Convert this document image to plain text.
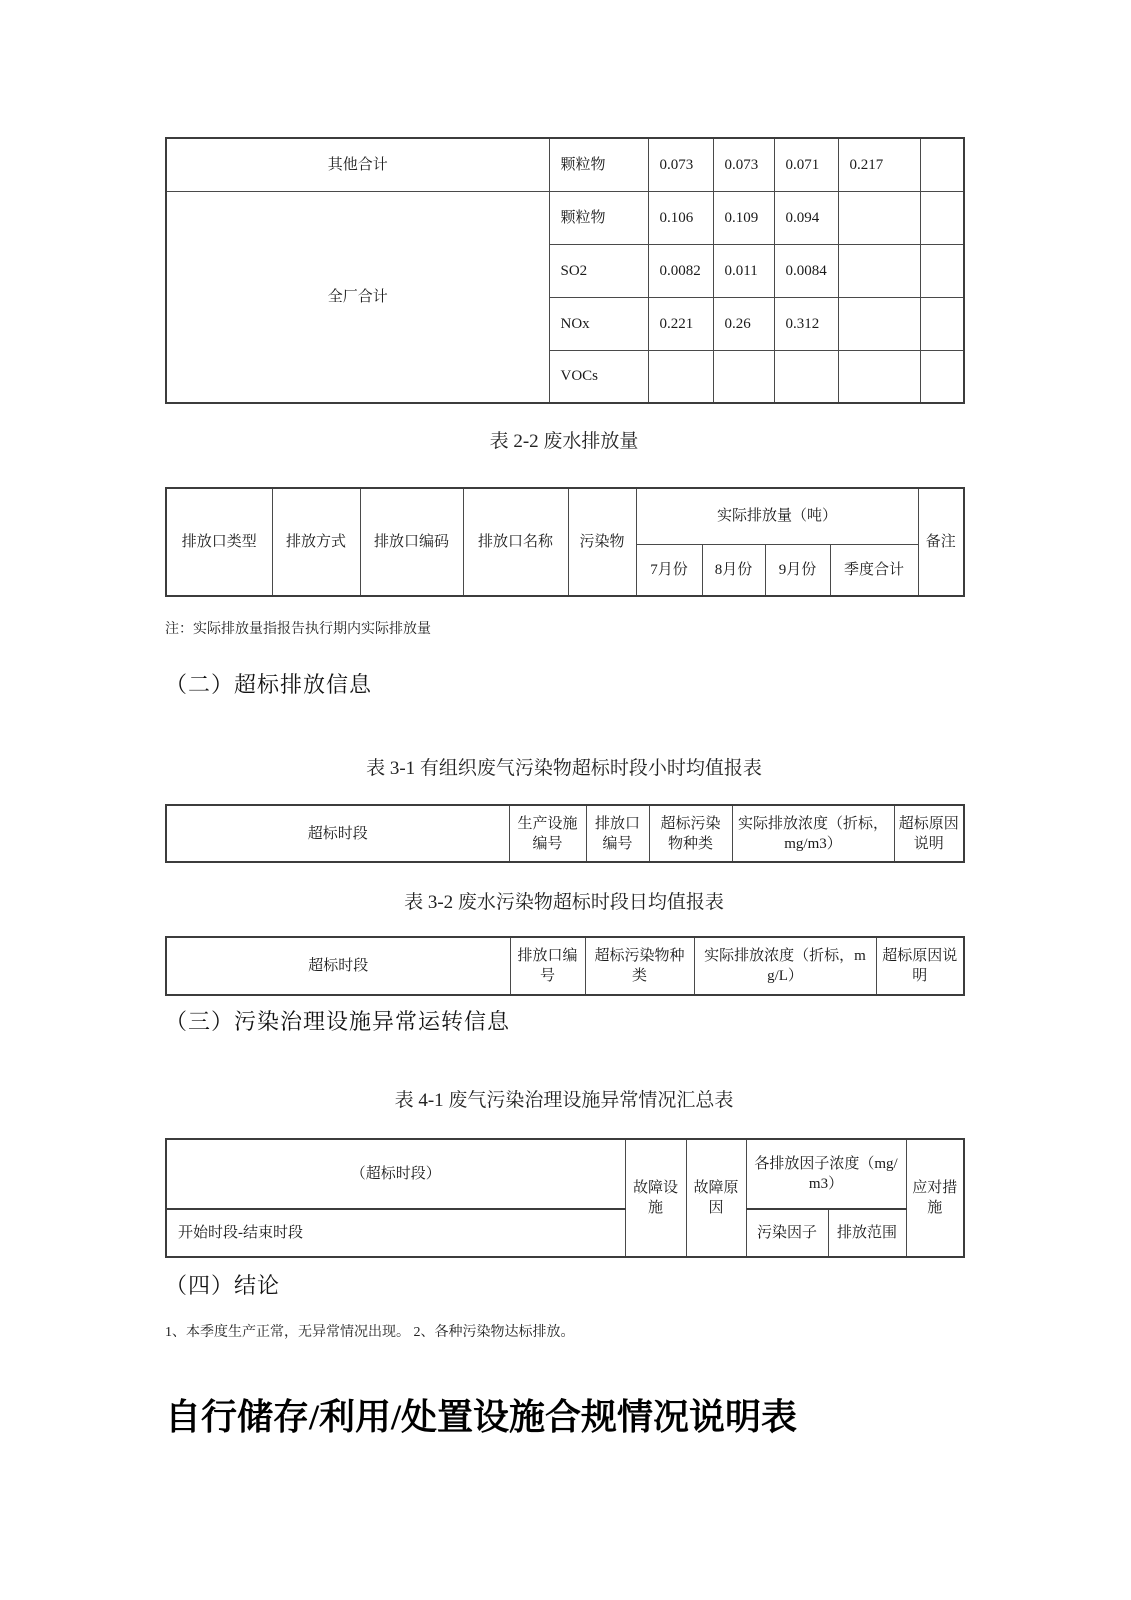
其他合计	颗粒物	0.073	0.073	0.071	0.217	
全厂合计	颗粒物	0.106	0.109	0.094		
	SO2	0.0082	0.011	0.0084		
	NOx	0.221	0.26	0.312		
	VOCs					
表 2-2 废水排放量
排放口类型	排放方式	排放口编码	排放口名称	污染物	实际排放量（吨）				备注
					7月份	8月份	9月份	季度合计	
注：实际排放量指报告执行期内实际排放量
（二）超标排放信息
表 3-1 有组织废气污染物超标时段小时均值报表
超标时段	生产设施编号	排放口编号	超标污染物种类	实际排放浓度（折标，mg/m3）	超标原因说明
表 3-2 废水污染物超标时段日均值报表
超标时段	排放口编号	超标污染物种类	实际排放浓度（折标，mg/L）	超标原因说明
（三）污染治理设施异常运转信息
表 4-1 废气污染治理设施异常情况汇总表
（超标时段）	故障设施	故障原因	各排放因子浓度（mg/m3）		应对措施
开始时段-结束时段			污染因子	排放范围	
（四）结论
1、本季度生产正常，无异常情况出现。 2、各种污染物达标排放。
自行储存/利用/处置设施合规情况说明表
